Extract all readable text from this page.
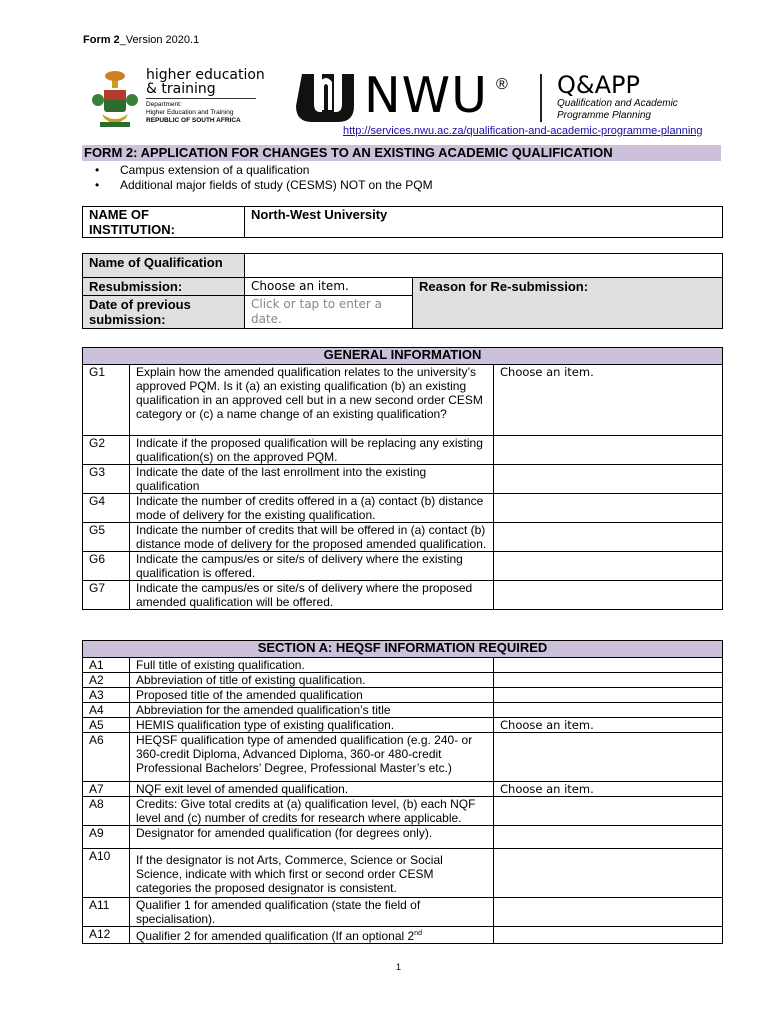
Form 2_Version 2020.1
higher education
& training
Department:
Higher Education and Training
REPUBLIC OF SOUTH AFRICA	NWU ® Q&APP
Qualification and Academic
Programme Planning
http://services.nwu.ac.za/qualification-and-academic-programme-planning
FORM 2: APPLICATION FOR CHANGES TO AN EXISTING ACADEMIC QUALIFICATION
• Campus extension of a qualification
• Additional major fields of study (CESMS) NOT on the PQM
NAME OF INSTITUTION:	North-West University
Name of Qualification		
Resubmission:	Choose an item.	Reason for Re-submission:
Date of previous submission:	Click or tap to enter a date.	
GENERAL INFORMATION		
G1	Explain how the amended qualification relates to the university’s approved PQM. Is it (a) an existing qualification (b) an existing qualification in an approved cell but in a new second order CESM category or (c) a name change of an existing qualification?	Choose an item.
G2	Indicate if the proposed qualification will be replacing any existing qualification(s) on the approved PQM.	
G3	Indicate the date of the last enrollment into the existing qualification	
G4	Indicate the number of credits offered in a (a) contact (b) distance mode of delivery for the existing qualification.	
G5	Indicate the number of credits that will be offered in (a) contact (b) distance mode of delivery for the proposed amended qualification.	
G6	Indicate the campus/es or site/s of delivery where the existing qualification is offered.	
G7	Indicate the campus/es or site/s of delivery where the proposed amended qualification will be offered.	
SECTION A: HEQSF INFORMATION REQUIRED		
A1	Full title of existing qualification.	
A2	Abbreviation of title of existing qualification.	
A3	Proposed title of the amended qualification	
A4	Abbreviation for the amended qualification’s title	
A5	HEMIS qualification type of existing qualification.	Choose an item.
A6	HEQSF qualification type of amended qualification (e.g. 240- or 360-credit Diploma, Advanced Diploma, 360-or 480-credit Professional Bachelors’ Degree, Professional Master’s etc.)	
A7	NQF exit level of amended qualification.	Choose an item.
A8	Credits: Give total credits at (a) qualification level, (b) each NQF level and (c) number of credits for research where applicable.	
A9	Designator for amended qualification (for degrees only).	
A10	If the designator is not Arts, Commerce, Science or Social Science, indicate with which first or second order CESM categories the proposed designator is consistent.	
A11	Qualifier 1 for amended qualification (state the field of specialisation).	
A12	Qualifier 2 for amended qualification (If an optional 2nd	
1
